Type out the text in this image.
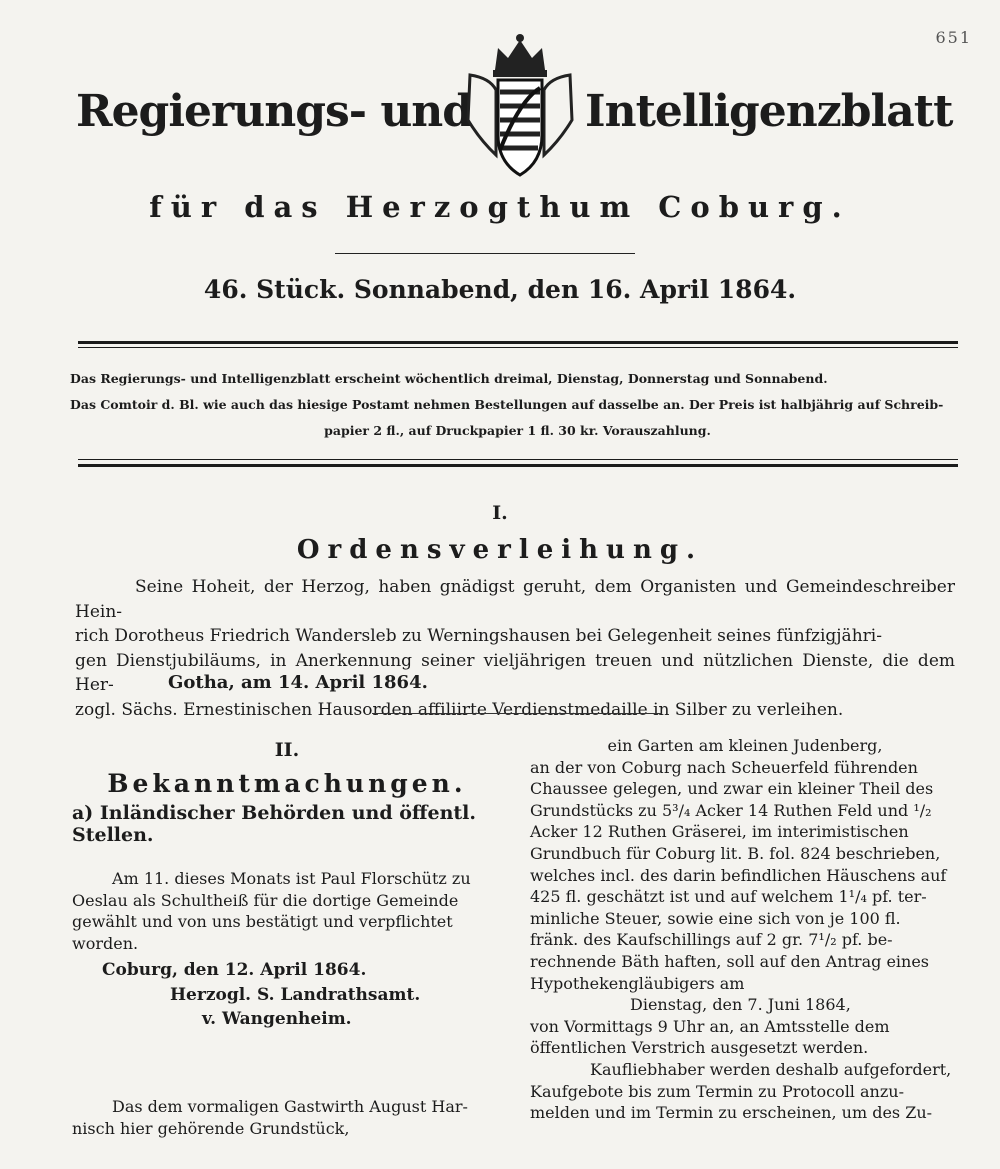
651
Regierungs- und	Intelligenzblatt
für das Herzogthum Coburg.
46. Stück. Sonnabend, den 16. April 1864.
Das Regierungs- und Intelligenzblatt erscheint wöchentlich dreimal, Dienstag, Donnerstag und Sonnabend.
Das Comtoir d. Bl. wie auch das hiesige Postamt nehmen Bestellungen auf dasselbe an. Der Preis ist halbjährig auf Schreib-
papier 2 fl., auf Druckpapier 1 fl. 30 kr. Vorauszahlung.
I.
Ordensverleihung.
Seine Hoheit, der Herzog, haben gnädigst geruht, dem Organisten und Gemeindeschreiber Hein-
rich Dorotheus Friedrich Wandersleb zu Werningshausen bei Gelegenheit seines fünfzigjähri-
gen Dienstjubiläums, in Anerkennung seiner vieljährigen treuen und nützlichen Dienste, die dem Her-
zogl. Sächs. Ernestinischen Hausorden affiliirte Verdienstmedaille in Silber zu verleihen.
Gotha, am 14. April 1864.
II.
Bekanntmachungen.
a) Inländischer Behörden und öffentl. Stellen.
Am 11. dieses Monats ist Paul Florschütz zu
Oeslau als Schultheiß für die dortige Gemeinde
gewählt und von uns bestätigt und verpflichtet
worden.
Coburg, den 12. April 1864.
Herzogl. S. Landrathsamt.
v. Wangenheim.
Das dem vormaligen Gastwirth August Har-
nisch hier gehörende Grundstück,
ein Garten am kleinen Judenberg,
an der von Coburg nach Scheuerfeld führenden
Chaussee gelegen, und zwar ein kleiner Theil des
Grundstücks zu 5³/₄ Acker 14 Ruthen Feld und ¹/₂
Acker 12 Ruthen Gräserei, im interimistischen
Grundbuch für Coburg lit. B. fol. 824 beschrieben,
welches incl. des darin befindlichen Häuschens auf
425 fl. geschätzt ist und auf welchem 1¹/₄ pf. ter-
minliche Steuer, sowie eine sich von je 100 fl.
fränk. des Kaufschillings auf 2 gr. 7¹/₂ pf. be-
rechnende Bäth haften, soll auf den Antrag eines
Hypothekengläubigers am
Dienstag, den 7. Juni 1864,
von Vormittags 9 Uhr an, an Amtsstelle dem
öffentlichen Verstrich ausgesetzt werden.
Kaufliebhaber werden deshalb aufgefordert,
Kaufgebote bis zum Termin zu Protocoll anzu-
melden und im Termin zu erscheinen, um des Zu-
